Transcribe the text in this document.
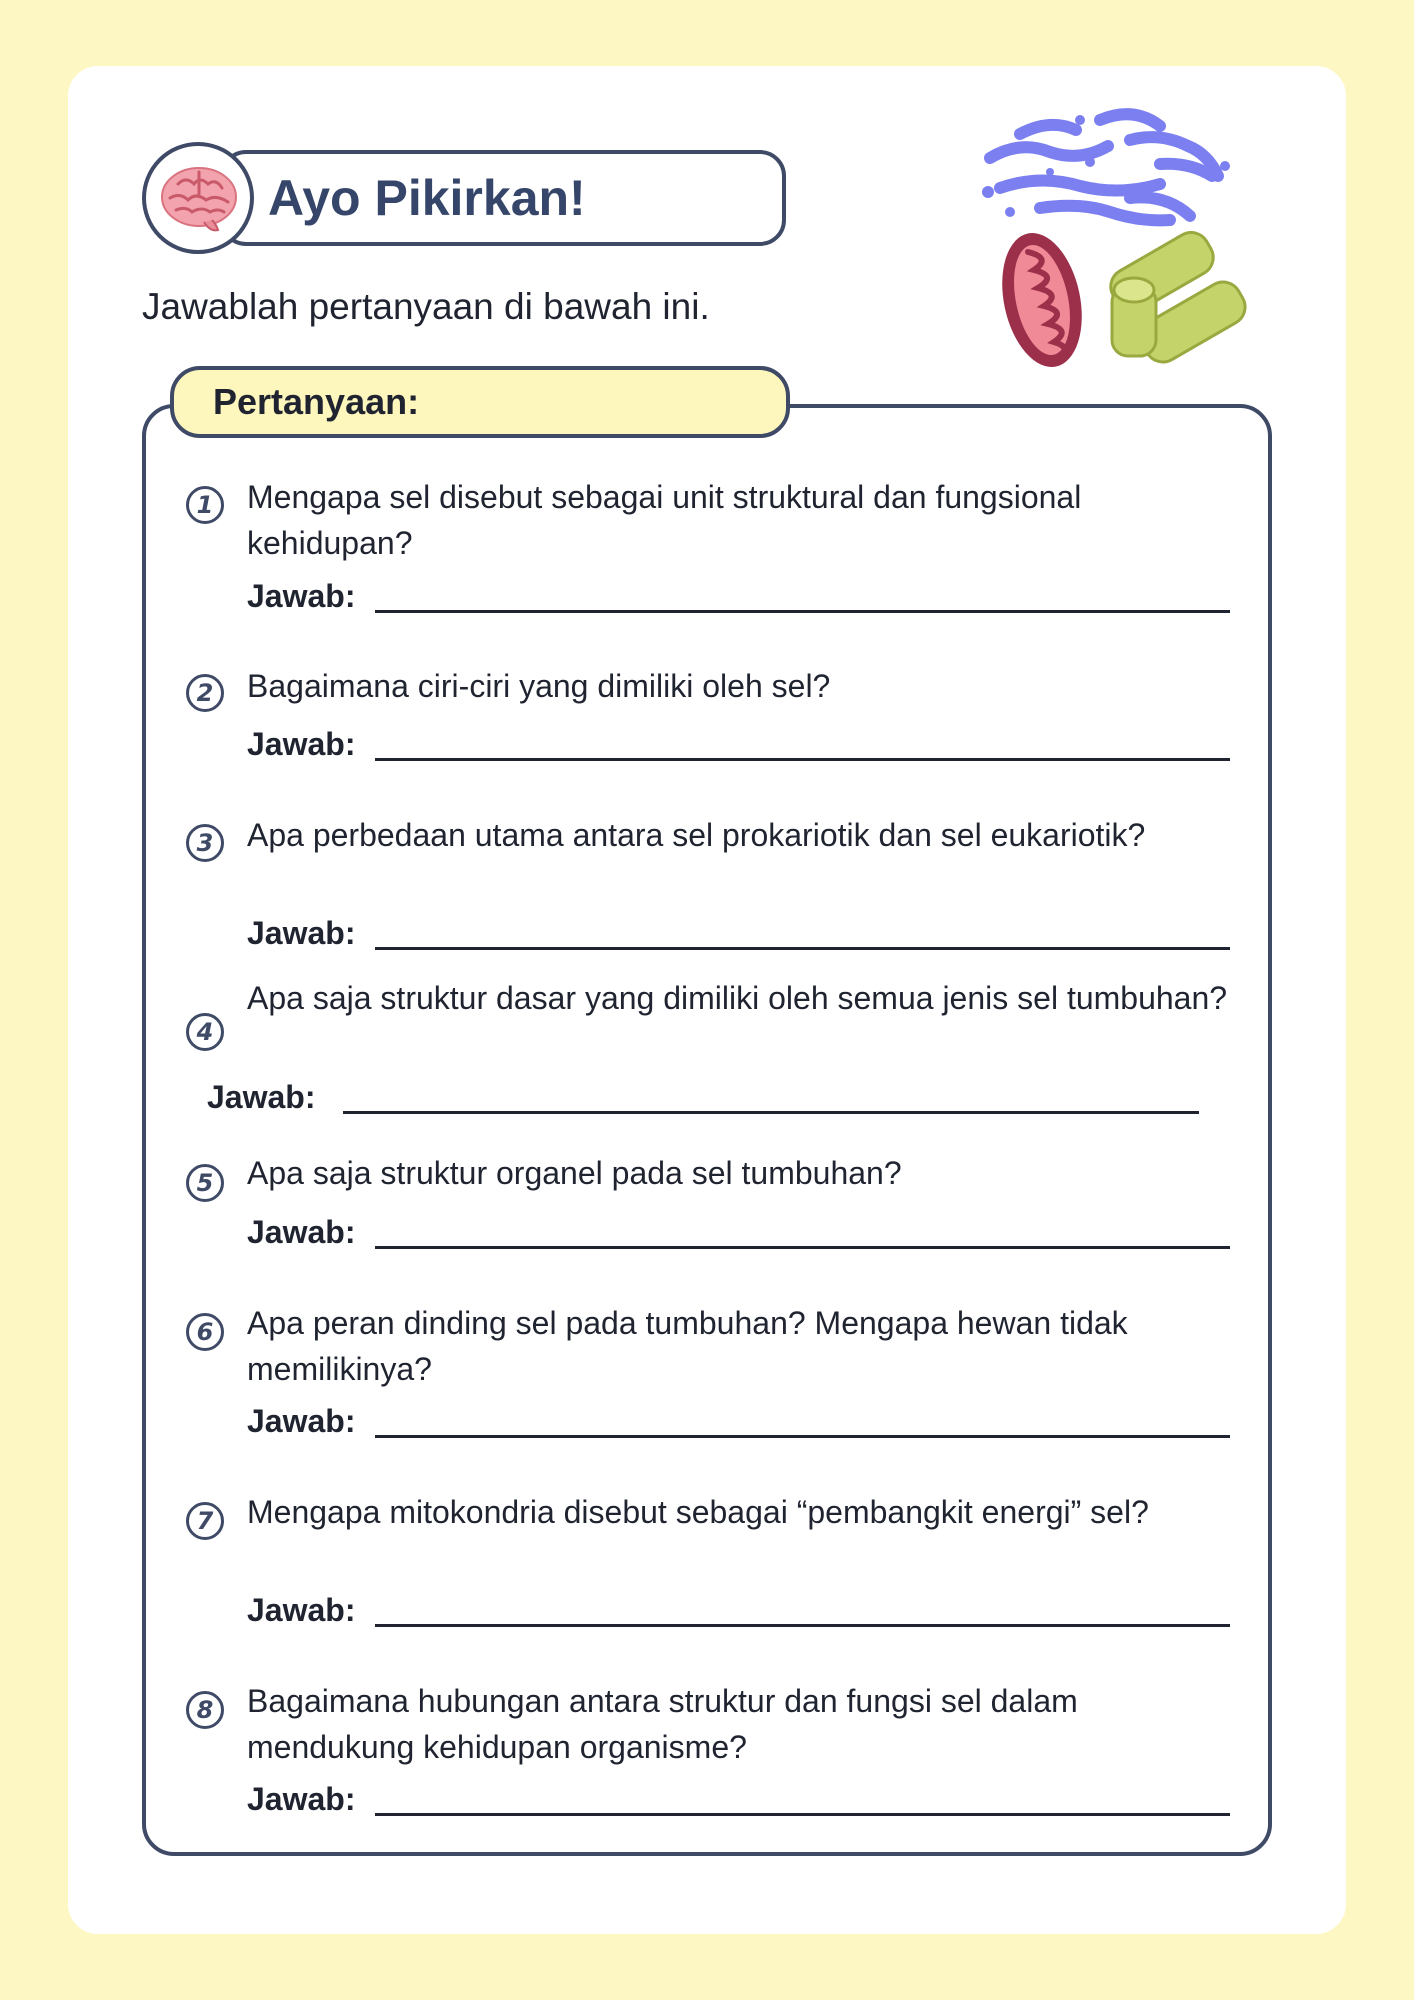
Ayo Pikirkan!
Jawablah pertanyaan di bawah ini.
Pertanyaan:
1	Mengapa sel disebut sebagai unit struktural dan fungsional kehidupan?
Jawab:
2	Bagaimana ciri-ciri yang dimiliki oleh sel?
Jawab:
3	Apa perbedaan utama antara sel prokariotik dan sel eukariotik?
Jawab:
4
Apa saja struktur dasar yang dimiliki oleh semua jenis sel tumbuhan?
Jawab:
5	Apa saja struktur organel pada sel tumbuhan?
Jawab:
6	Apa peran dinding sel pada tumbuhan? Mengapa hewan tidak memilikinya?
Jawab:
7	Mengapa mitokondria disebut sebagai “pembangkit energi” sel?
Jawab:
8	Bagaimana hubungan antara struktur dan fungsi sel dalam mendukung kehidupan organisme?
Jawab:
